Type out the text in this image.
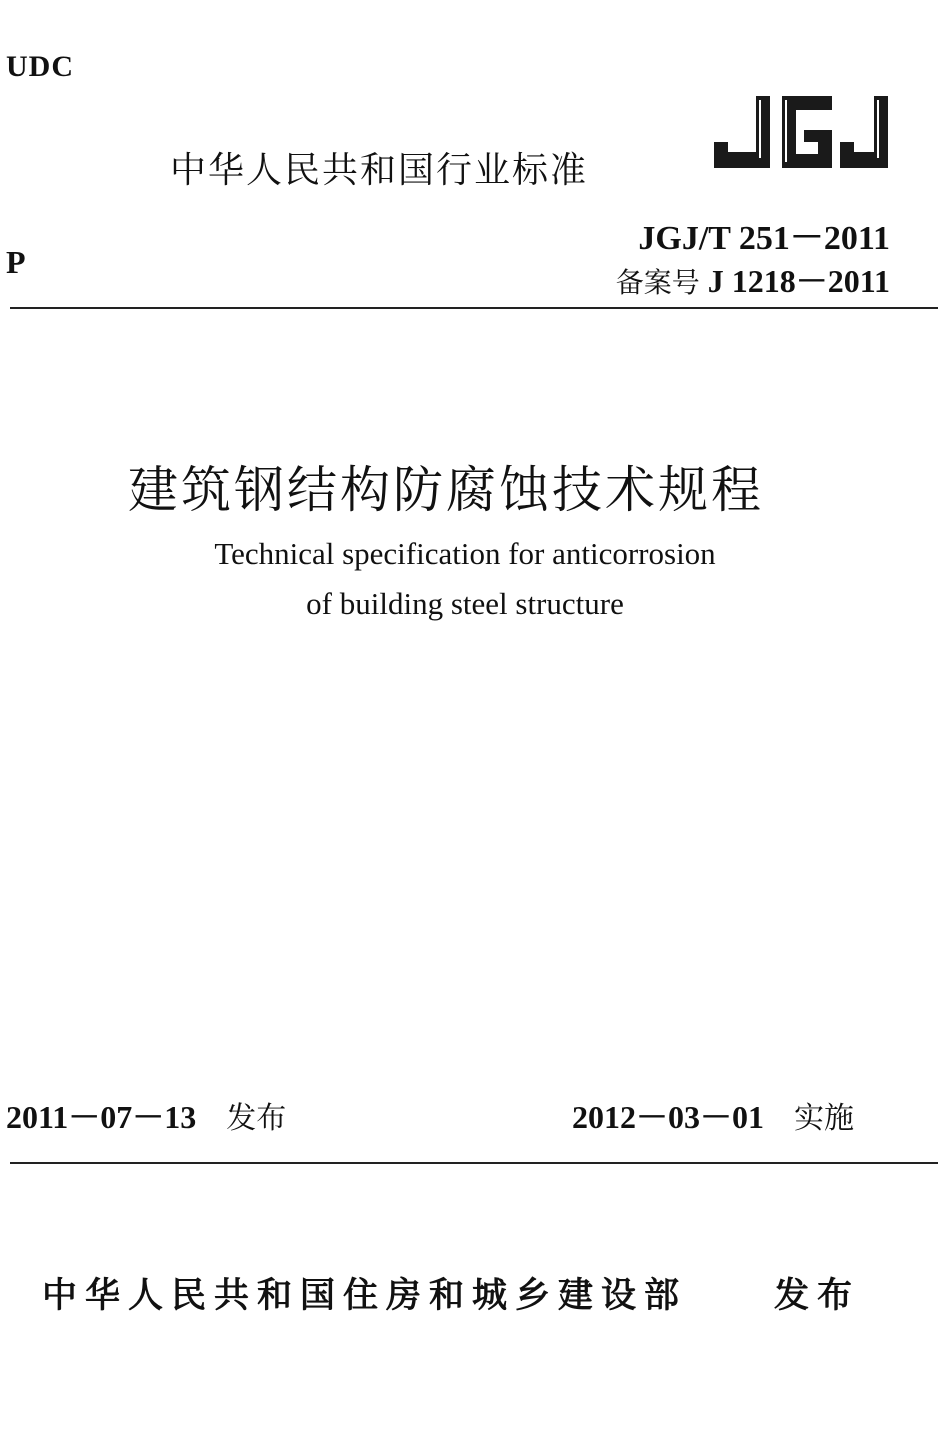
UDC
中华人民共和国行业标准	JGJ
JGJ/T 251－2011
P
备案号 J 1218－2011
建筑钢结构防腐蚀技术规程
Technical specification for anticorrosion
of building steel structure
2011－07－13 发布	2012－03－01 实施
中华人民共和国住房和城乡建设部 发布
